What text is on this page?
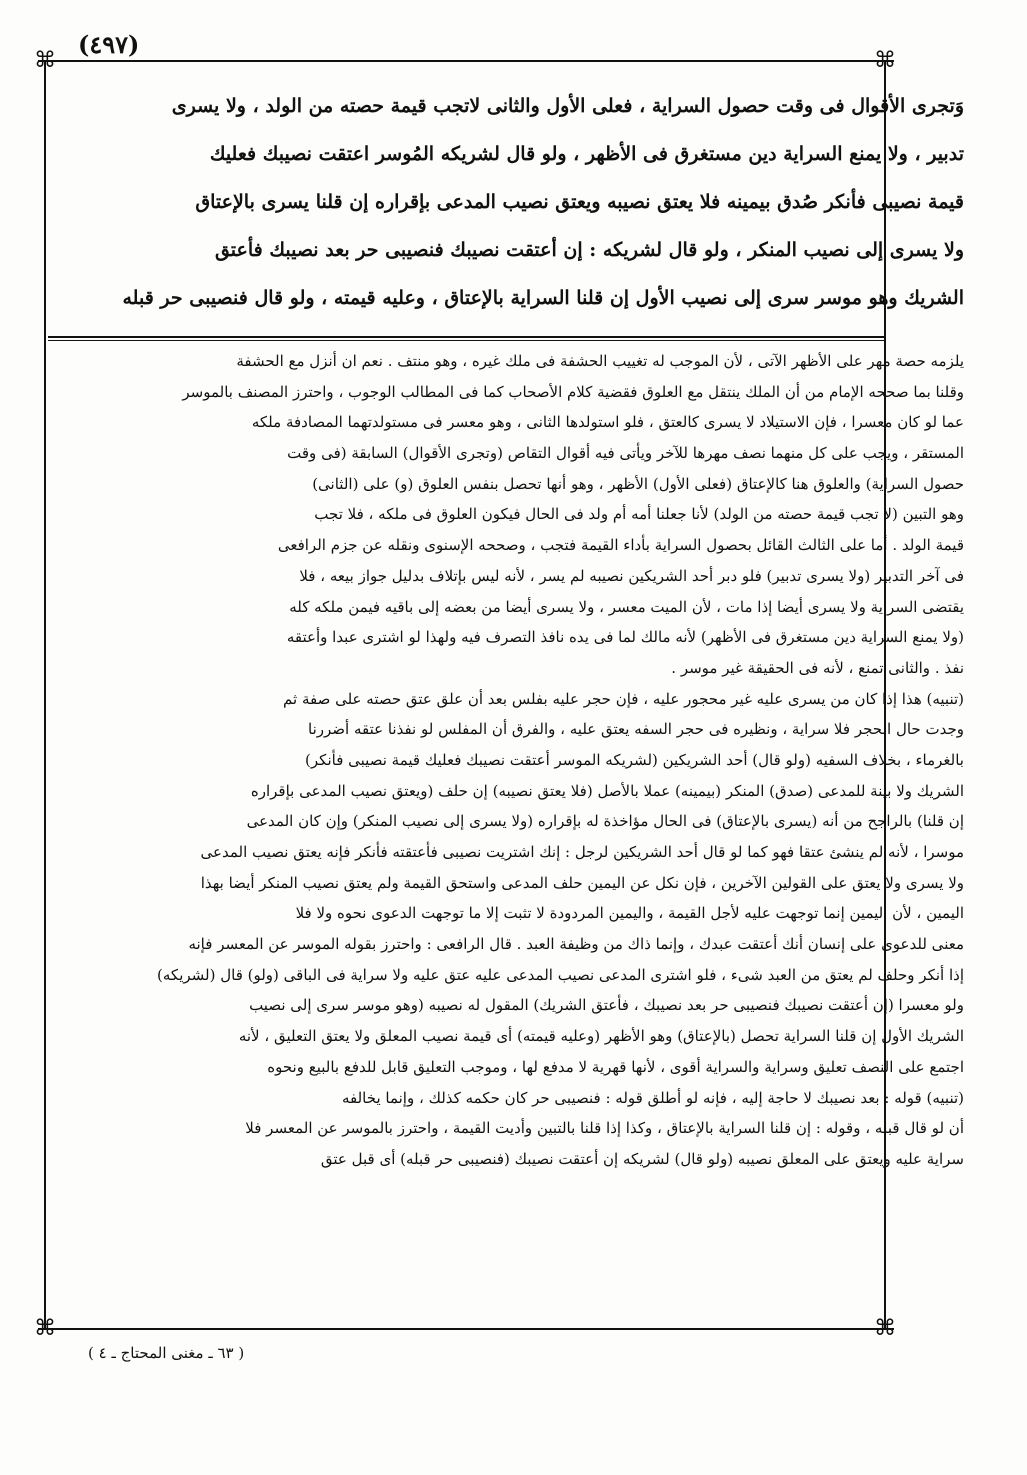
(٤٩٧)
⌘	⌘
⌘	⌘

وَتجرى الأقوال فى وقت حصول السراية ، فعلى الأول والثانى لاتجب قيمة حصته من الولد ، ولا يسرى

تدبير ، ولا يمنع السراية دين مستغرق فى الأظهر ، ولو قال لشريكه المُوسر اعتقت نصيبك فعليك

قيمة نصيبى فأنكر صُدق بيمينه فلا يعتق نصيبه ويعتق نصيب المدعى بإقراره إن قلنا يسرى بالإعتاق

ولا يسرى إلى نصيب المنكر ، ولو قال لشريكه : إن أعتقت نصيبك فنصيبى حر بعد نصيبك فأعتق

الشريك وهو موسر سرى إلى نصيب الأول إن قلنا السراية بالإعتاق ، وعليه قيمته ، ولو قال فنصيبى حر قبله

يلزمه حصة مهر على الأظهر الآتى ، لأن الموجب له تغييب الحشفة فى ملك غيره ، وهو منتف . نعم ان أنزل مع الحشفة

وقلنا بما صححه الإمام من أن الملك ينتقل مع العلوق فقضية كلام الأصحاب كما فى المطالب الوجوب ، واحترز المصنف بالموسر

عما لو كان معسرا ، فإن الاستيلاد لا يسرى كالعتق ، فلو استولدها الثانى ، وهو معسر فى مستولدتهما المصادفة ملكه

المستقر ، ويجب على كل منهما نصف مهرها للآخر ويأتى فيه أقوال التقاص (وتجرى الأقوال) السابقة (فى وقت

حصول السراية) والعلوق هنا كالإعتاق (فعلى الأول) الأظهر ، وهو أنها تحصل بنفس العلوق (و) على (الثانى)

وهو التبين (لا تجب قيمة حصته من الولد) لأنا جعلنا أمه أم ولد فى الحال فيكون العلوق فى ملكه ، فلا تجب

قيمة الولد . أما على الثالث القائل بحصول السراية بأداء القيمة فتجب ، وصححه الإسنوى ونقله عن جزم الرافعى

فى آخر التدبير (ولا يسرى تدبير) فلو دبر أحد الشريكين نصيبه لم يسر ، لأنه ليس بإتلاف بدليل جواز بيعه ، فلا

يقتضى السراية ولا يسرى أيضا إذا مات ، لأن الميت معسر ، ولا يسرى أيضا من بعضه إلى باقيه فيمن ملكه كله

(ولا يمنع السراية دين مستغرق فى الأظهر) لأنه مالك لما فى يده نافذ التصرف فيه ولهذا لو اشترى عبدا وأعتقه

نفذ . والثانى تمنع ، لأنه فى الحقيقة غير موسر .

(تنبيه) هذا إذا كان من يسرى عليه غير محجور عليه ، فإن حجر عليه بفلس بعد أن علق عتق حصته على صفة ثم

وجدت حال الحجر فلا سراية ، ونظيره فى حجر السفه يعتق عليه ، والفرق أن المفلس لو نفذنا عتقه أضررنا

بالغرماء ، بخلاف السفيه (ولو قال) أحد الشريكين (لشريكه الموسر أعتقت نصيبك فعليك قيمة نصيبى فأنكر)

الشريك ولا بينة للمدعى (صدق) المنكر (بيمينه) عملا بالأصل (فلا يعتق نصيبه) إن حلف (ويعتق نصيب المدعى بإقراره

إن قلنا) بالراجح من أنه (يسرى بالإعتاق) فى الحال مؤاخذة له بإقراره (ولا يسرى إلى نصيب المنكر) وإن كان المدعى

موسرا ، لأنه لم ينشئ عتقا فهو كما لو قال أحد الشريكين لرجل : إنك اشتريت نصيبى فأعتقته فأنكر فإنه يعتق نصيب المدعى

ولا يسرى ولا يعتق على القولين الآخرين ، فإن نكل عن اليمين حلف المدعى واستحق القيمة ولم يعتق نصيب المنكر أيضا بهذا

اليمين ، لأن اليمين إنما توجهت عليه لأجل القيمة ، واليمين المردودة لا تثبت إلا ما توجهت الدعوى نحوه ولا فلا

معنى للدعوى على إنسان أنك أعتقت عبدك ، وإنما ذاك من وظيفة العبد . قال الرافعى : واحترز بقوله الموسر عن المعسر فإنه

إذا أنكر وحلف لم يعتق من العبد شىء ، فلو اشترى المدعى نصيب المدعى عليه عتق عليه ولا سراية فى الباقى (ولو) قال (لشريكه)

ولو معسرا (إن أعتقت نصيبك فنصيبى حر بعد نصيبك ، فأعتق الشريك) المقول له نصيبه (وهو موسر سرى إلى نصيب

الشريك الأول إن قلنا السراية تحصل (بالإعتاق) وهو الأظهر (وعليه قيمته) أى قيمة نصيب المعلق ولا يعتق التعليق ، لأنه

اجتمع على النصف تعليق وسراية والسراية أقوى ، لأنها قهرية لا مدفع لها ، وموجب التعليق قابل للدفع بالبيع ونحوه

(تنبيه) قوله : بعد نصيبك لا حاجة إليه ، فإنه لو أطلق قوله : فنصيبى حر كان حكمه كذلك ، وإنما يخالفه

أن لو قال قبله ، وقوله : إن قلنا السراية بالإعتاق ، وكذا إذا قلنا بالتبين وأديت القيمة ، واحترز بالموسر عن المعسر فلا

سراية عليه ويعتق على المعلق نصيبه (ولو قال) لشريكه إن أعتقت نصيبك (فنصيبى حر قبله) أى قبل عتق

( ٦٣ ـ مغنى المحتاج ـ ٤ )
